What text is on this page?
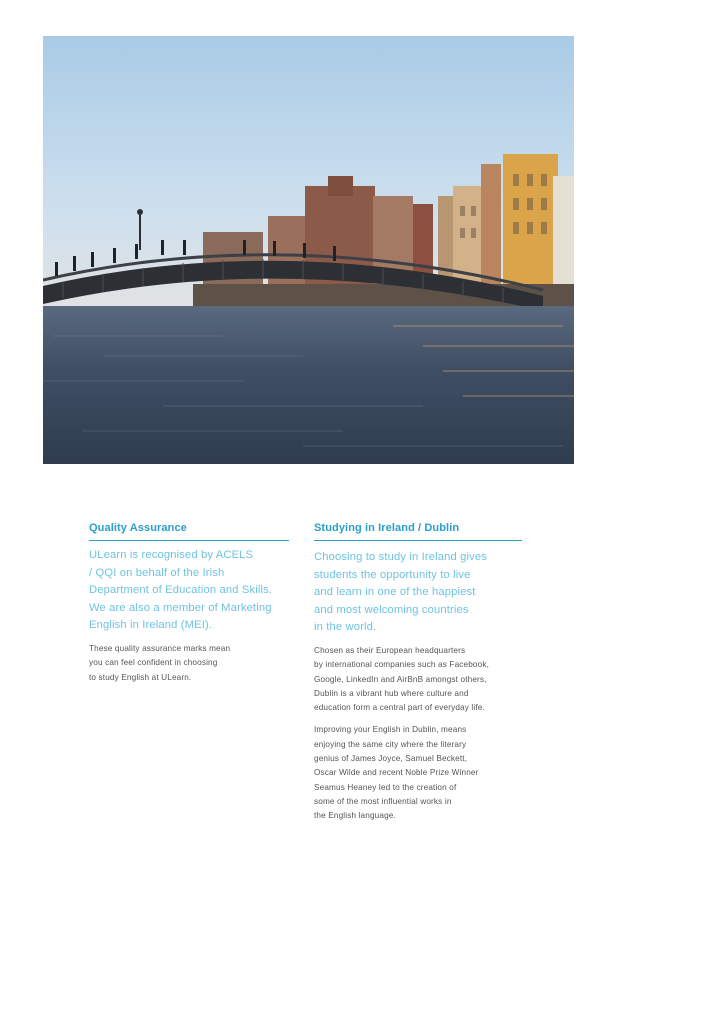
Quality Assurance
ULearn is recognised by ACELS
/ QQI on behalf of the Irish
Department of Education and Skills.
We are also a member of Marketing
English in Ireland (MEI).
These quality assurance marks mean
you can feel confident in choosing
to study English at ULearn.
Studying in Ireland / Dublin
Choosing to study in Ireland gives
students the opportunity to live
and learn in one of the happiest
and most welcoming countries
in the world.
Chosen as their European headquarters
by international companies such as Facebook,
Google, LinkedIn and AirBnB amongst others,
Dublin is a vibrant hub where culture and
education form a central part of everyday life.
Improving your English in Dublin, means
enjoying the same city where the literary
genius of James Joyce, Samuel Beckett,
Oscar Wilde and recent Noble Prize Winner
Seamus Heaney led to the creation of
some of the most influential works in
the English language.
